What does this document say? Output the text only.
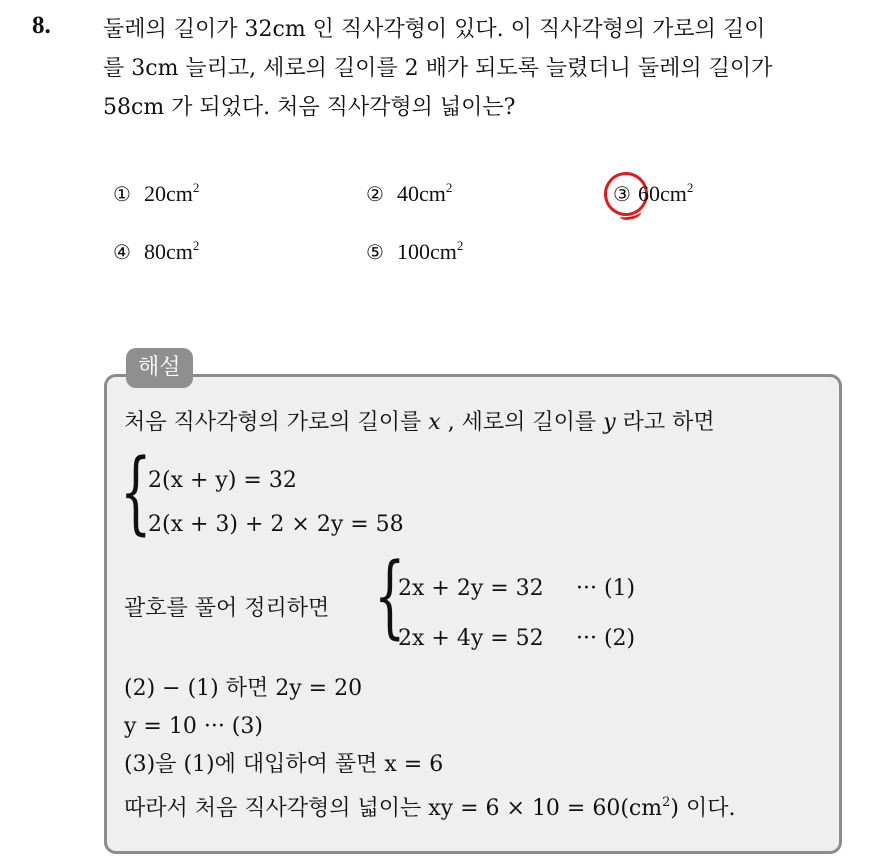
8. 둘레의 길이가 32cm 인 직사각형이 있다. 이 직사각형의 가로의 길이
를 3cm 늘리고, 세로의 길이를 2 배가 되도록 늘렸더니 둘레의 길이가
58cm 가 되었다. 처음 직사각형의 넓이는?
① $20cm^2$	② $40cm^2$	③ $60cm^2$
④ $80cm^2$	⑤ $100cm^2$
해설
처음 직사각형의 가로의 길이를 x , 세로의 길이를 y 라고 하면
{
2(x + y) = 32
2(x + 3) + 2 × 2y = 58
괄호를 풀어 정리하면 {
2x + 2y = 32 ··· (1)
2x + 4y = 52 ··· (2)
(2) − (1) 하면 2y = 20
y = 10 ··· (3)
(3)을 (1)에 대입하여 풀면 x = 6
따라서 처음 직사각형의 넓이는 xy = $6 \times 10 = 60(cm^2)$ 이다.
